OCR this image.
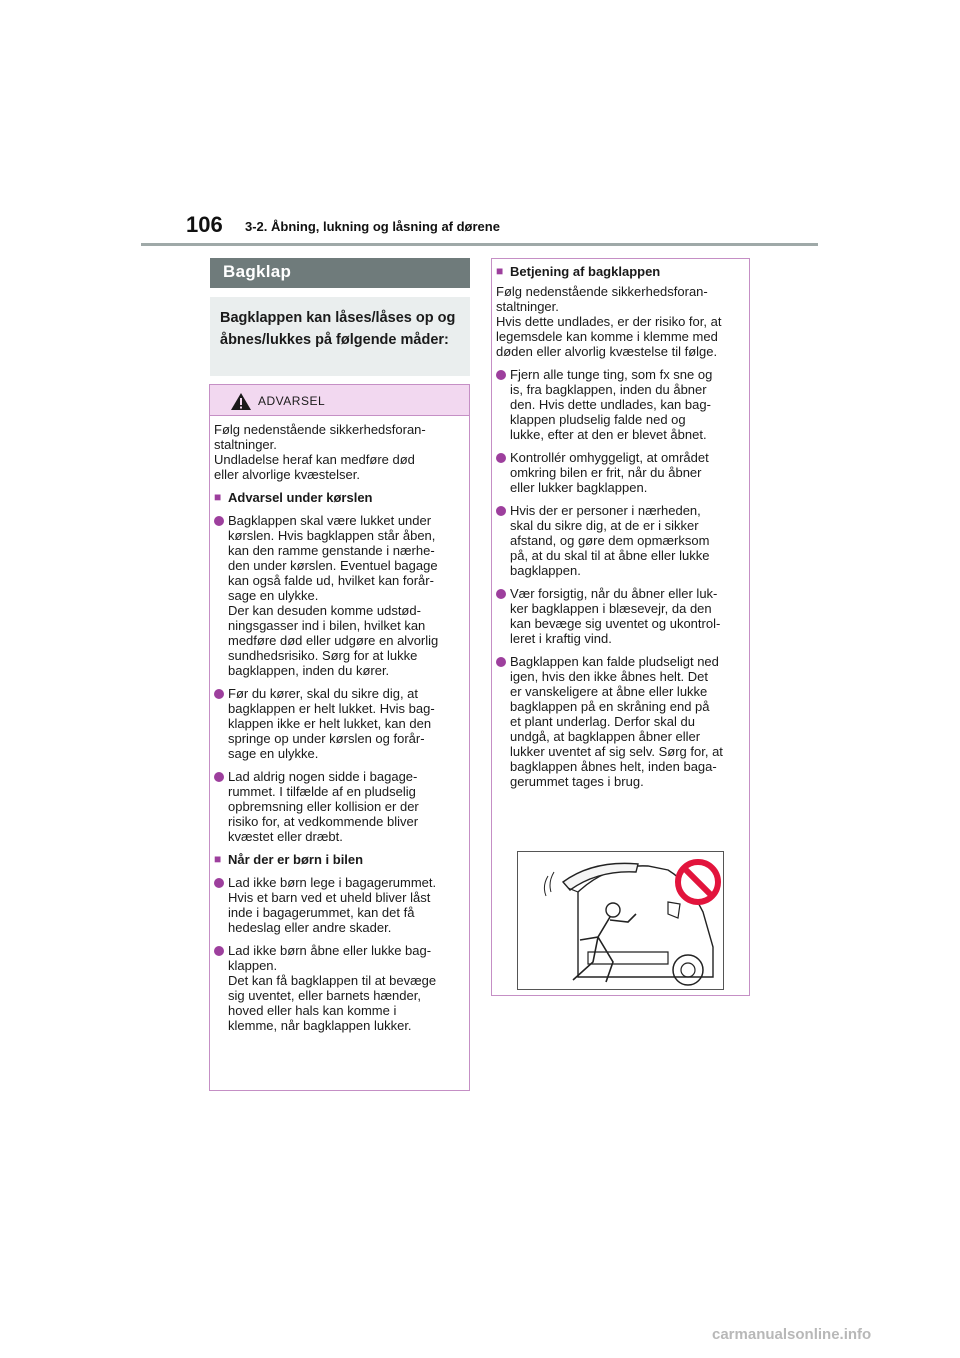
106 3-2. Åbning, lukning og låsning af dørene
Bagklap

Bagklappen kan låses/låses op og åbnes/lukkes på følgende måder:

ADVARSEL

Følg nedenstående sikkerhedsforan-
staltninger.
Undladelse heraf kan medføre død
eller alvorlige kvæstelser.

■ Advarsel under kørslen

Bagklappen skal være lukket under
kørslen. Hvis bagklappen står åben,
kan den ramme genstande i nærhe-
den under kørslen. Eventuel bagage
kan også falde ud, hvilket kan forår-
sage en ulykke.
Der kan desuden komme udstød-
ningsgasser ind i bilen, hvilket kan
medføre død eller udgøre en alvorlig
sundhedsrisiko. Sørg for at lukke
bagklappen, inden du kører.

Før du kører, skal du sikre dig, at
bagklappen er helt lukket. Hvis bag-
klappen ikke er helt lukket, kan den
springe op under kørslen og forår-
sage en ulykke.

Lad aldrig nogen sidde i bagage-
rummet. I tilfælde af en pludselig
opbremsning eller kollision er der
risiko for, at vedkommende bliver
kvæstet eller dræbt.

■ Når der er børn i bilen

Lad ikke børn lege i bagagerummet.
Hvis et barn ved et uheld bliver låst
inde i bagagerummet, kan det få
hedeslag eller andre skader.

Lad ikke børn åbne eller lukke bag-
klappen.
Det kan få bagklappen til at bevæge
sig uventet, eller barnets hænder,
hoved eller hals kan komme i
klemme, når bagklappen lukker.

■ Betjening af bagklappen

Følg nedenstående sikkerhedsforan-
staltninger.
Hvis dette undlades, er der risiko for, at
legemsdele kan komme i klemme med
døden eller alvorlig kvæstelse til følge.

Fjern alle tunge ting, som fx sne og
is, fra bagklappen, inden du åbner
den. Hvis dette undlades, kan bag-
klappen pludselig falde ned og
lukke, efter at den er blevet åbnet.

Kontrollér omhyggeligt, at området
omkring bilen er frit, når du åbner
eller lukker bagklappen.

Hvis der er personer i nærheden,
skal du sikre dig, at de er i sikker
afstand, og gøre dem opmærksom
på, at du skal til at åbne eller lukke
bagklappen.

Vær forsigtig, når du åbner eller luk-
ker bagklappen i blæsevejr, da den
kan bevæge sig uventet og ukontrol-
leret i kraftig vind.

Bagklappen kan falde pludseligt ned
igen, hvis den ikke åbnes helt. Det
er vanskeligere at åbne eller lukke
bagklappen på en skråning end på
et plant underlag. Derfor skal du
undgå, at bagklappen åbner eller
lukker uventet af sig selv. Sørg for, at
bagklappen åbnes helt, inden baga-
gerummet tages i brug.

carmanualsonline.info
